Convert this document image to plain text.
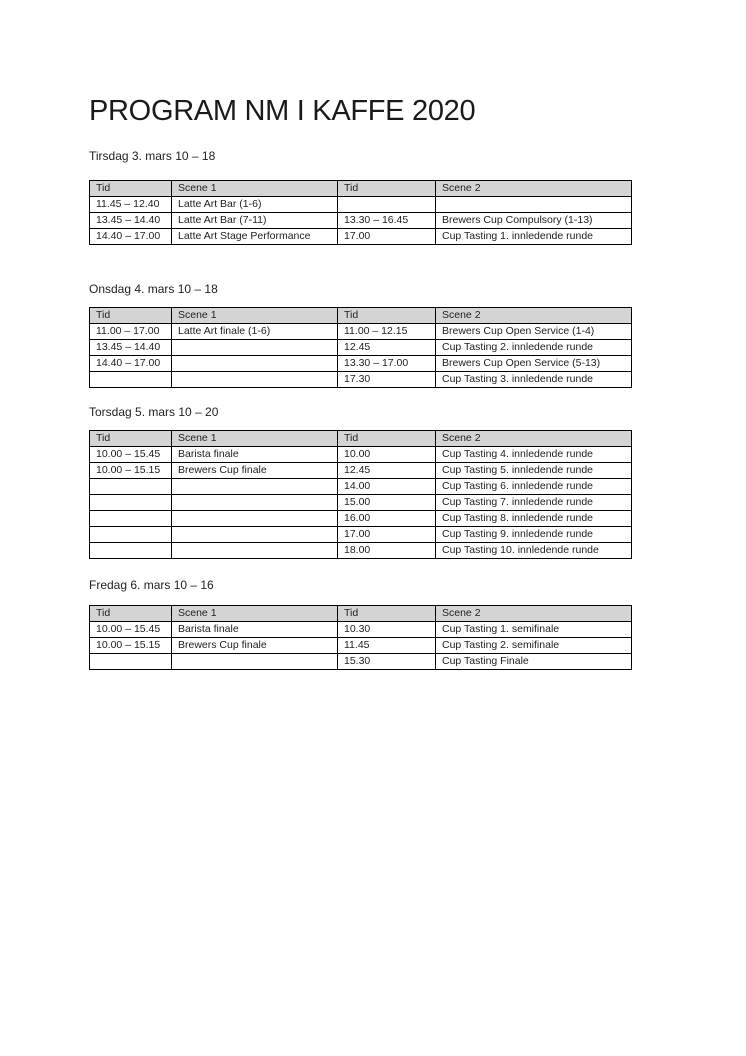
PROGRAM NM I KAFFE 2020

Tirsdag 3. mars 10 – 18

Tid	Scene 1	Tid	Scene 2
11.45 – 12.40	Latte Art Bar (1-6)		
13.45 – 14.40	Latte Art Bar (7-11)	13.30 – 16.45	Brewers Cup Compulsory (1-13)
14.40 – 17.00	Latte Art Stage Performance	17.00	Cup Tasting 1. innledende runde

Onsdag 4. mars 10 – 18

Tid	Scene 1	Tid	Scene 2
11.00 – 17.00	Latte Art finale (1-6)	11.00 – 12.15	Brewers Cup Open Service (1-4)
13.45 – 14.40		12.45	Cup Tasting 2. innledende runde
14.40 – 17.00		13.30 – 17.00	Brewers Cup Open Service (5-13)
		17.30	Cup Tasting 3. innledende runde

Torsdag 5. mars 10 – 20

Tid	Scene 1	Tid	Scene 2
10.00 – 15.45	Barista finale	10.00	Cup Tasting 4. innledende runde
10.00 – 15.15	Brewers Cup finale	12.45	Cup Tasting 5. innledende runde
		14.00	Cup Tasting 6. innledende runde
		15.00	Cup Tasting 7. innledende runde
		16.00	Cup Tasting 8. innledende runde
		17.00	Cup Tasting 9. innledende runde
		18.00	Cup Tasting 10. innledende runde

Fredag 6. mars 10 – 16

Tid	Scene 1	Tid	Scene 2
10.00 – 15.45	Barista finale	10.30	Cup Tasting 1. semifinale
10.00 – 15.15	Brewers Cup finale	11.45	Cup Tasting 2. semifinale
		15.30	Cup Tasting Finale
